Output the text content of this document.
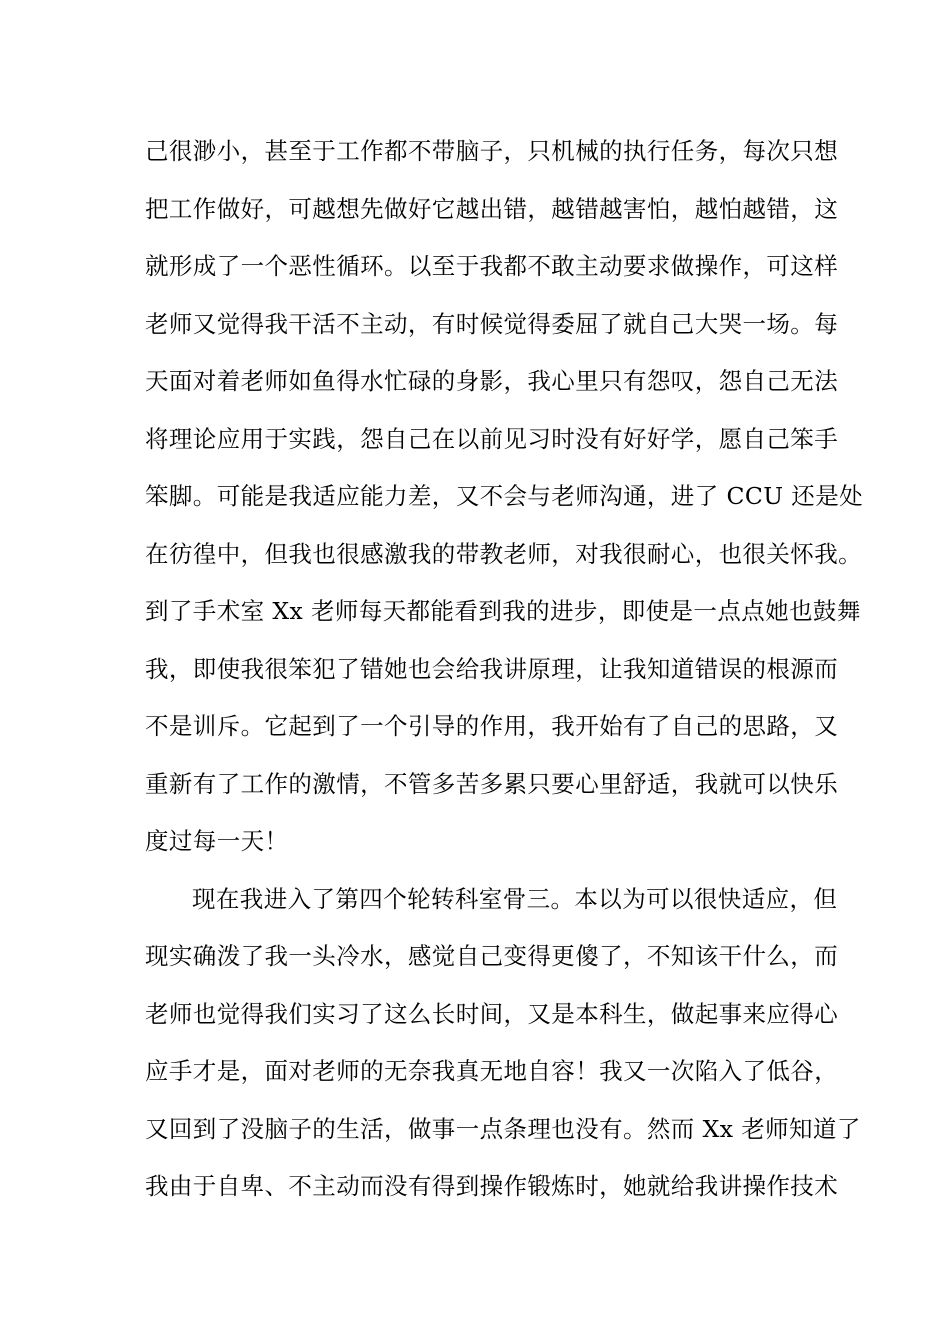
己很渺小，甚至于工作都不带脑子，只机械的执行任务，每次只想
把工作做好，可越想先做好它越出错，越错越害怕，越怕越错，这
就形成了一个恶性循环。以至于我都不敢主动要求做操作，可这样
老师又觉得我干活不主动，有时候觉得委屈了就自己大哭一场。每
天面对着老师如鱼得水忙碌的身影，我心里只有怨叹，怨自己无法
将理论应用于实践，怨自己在以前见习时没有好好学，愿自己笨手
笨脚。可能是我适应能力差，又不会与老师沟通，进了 CCU 还是处
在彷徨中，但我也很感激我的带教老师，对我很耐心，也很关怀我。
到了手术室 Xx 老师每天都能看到我的进步，即使是一点点她也鼓舞
我，即使我很笨犯了错她也会给我讲原理，让我知道错误的根源而
不是训斥。它起到了一个引导的作用，我开始有了自己的思路，又
重新有了工作的激情，不管多苦多累只要心里舒适，我就可以快乐
度过每一天！
现在我进入了第四个轮转科室骨三。本以为可以很快适应，但
现实确泼了我一头冷水，感觉自己变得更傻了，不知该干什么，而
老师也觉得我们实习了这么长时间，又是本科生，做起事来应得心
应手才是，面对老师的无奈我真无地自容！我又一次陷入了低谷，
又回到了没脑子的生活，做事一点条理也没有。然而 Xx 老师知道了
我由于自卑、不主动而没有得到操作锻炼时，她就给我讲操作技术
